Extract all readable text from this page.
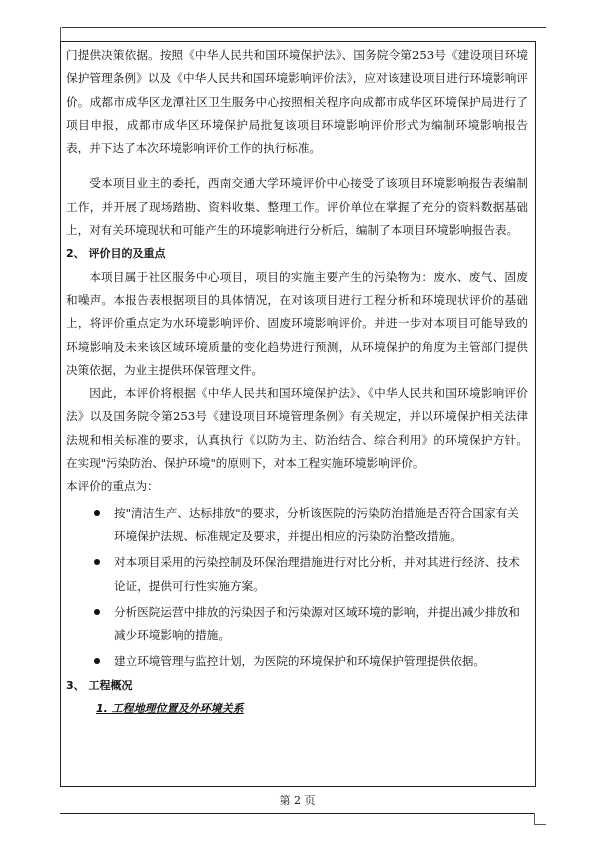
门提供决策依据。按照《中华人民共和国环境保护法》、国务院令第253号《建设项目环境保护管理条例》以及《中华人民共和国环境影响评价法》，应对该建设项目进行环境影响评价。成都市成华区龙潭社区卫生服务中心按照相关程序向成都市成华区环境保护局进行了项目申报，成都市成华区环境保护局批复该项目环境影响评价形式为编制环境影响报告表，并下达了本次环境影响评价工作的执行标准。

受本项目业主的委托，西南交通大学环境评价中心接受了该项目环境影响报告表编制工作，并开展了现场踏勘、资料收集、整理工作。评价单位在掌握了充分的资料数据基础上，对有关环境现状和可能产生的环境影响进行分析后，编制了本项目环境影响报告表。

2、 评价目的及重点

本项目属于社区服务中心项目，项目的实施主要产生的污染物为：废水、废气、固废和噪声。本报告表根据项目的具体情况，在对该项目进行工程分析和环境现状评价的基础上，将评价重点定为水环境影响评价、固废环境影响评价。并进一步对本项目可能导致的环境影响及未来该区域环境质量的变化趋势进行预测，从环境保护的角度为主管部门提供决策依据，为业主提供环保管理文件。

因此，本评价将根据《中华人民共和国环境保护法》、《中华人民共和国环境影响评价法》以及国务院令第253号《建设项目环境管理条例》有关规定，并以环境保护相关法律法规和相关标准的要求，认真执行《以防为主、防治结合、综合利用》的环境保护方针。在实现"污染防治、保护环境"的原则下，对本工程实施环境影响评价。

本评价的重点为：

按"清洁生产、达标排放"的要求，分析该医院的污染防治措施是否符合国家有关环境保护法规、标准规定及要求，并提出相应的污染防治整改措施。
对本项目采用的污染控制及环保治理措施进行对比分析，并对其进行经济、技术论证，提供可行性实施方案。
分析医院运营中排放的污染因子和污染源对区域环境的影响，并提出减少排放和减少环境影响的措施。
建立环境管理与监控计划，为医院的环境保护和环境保护管理提供依据。

3、 工程概况

1. 工程地理位置及外环境关系

第 2 页
